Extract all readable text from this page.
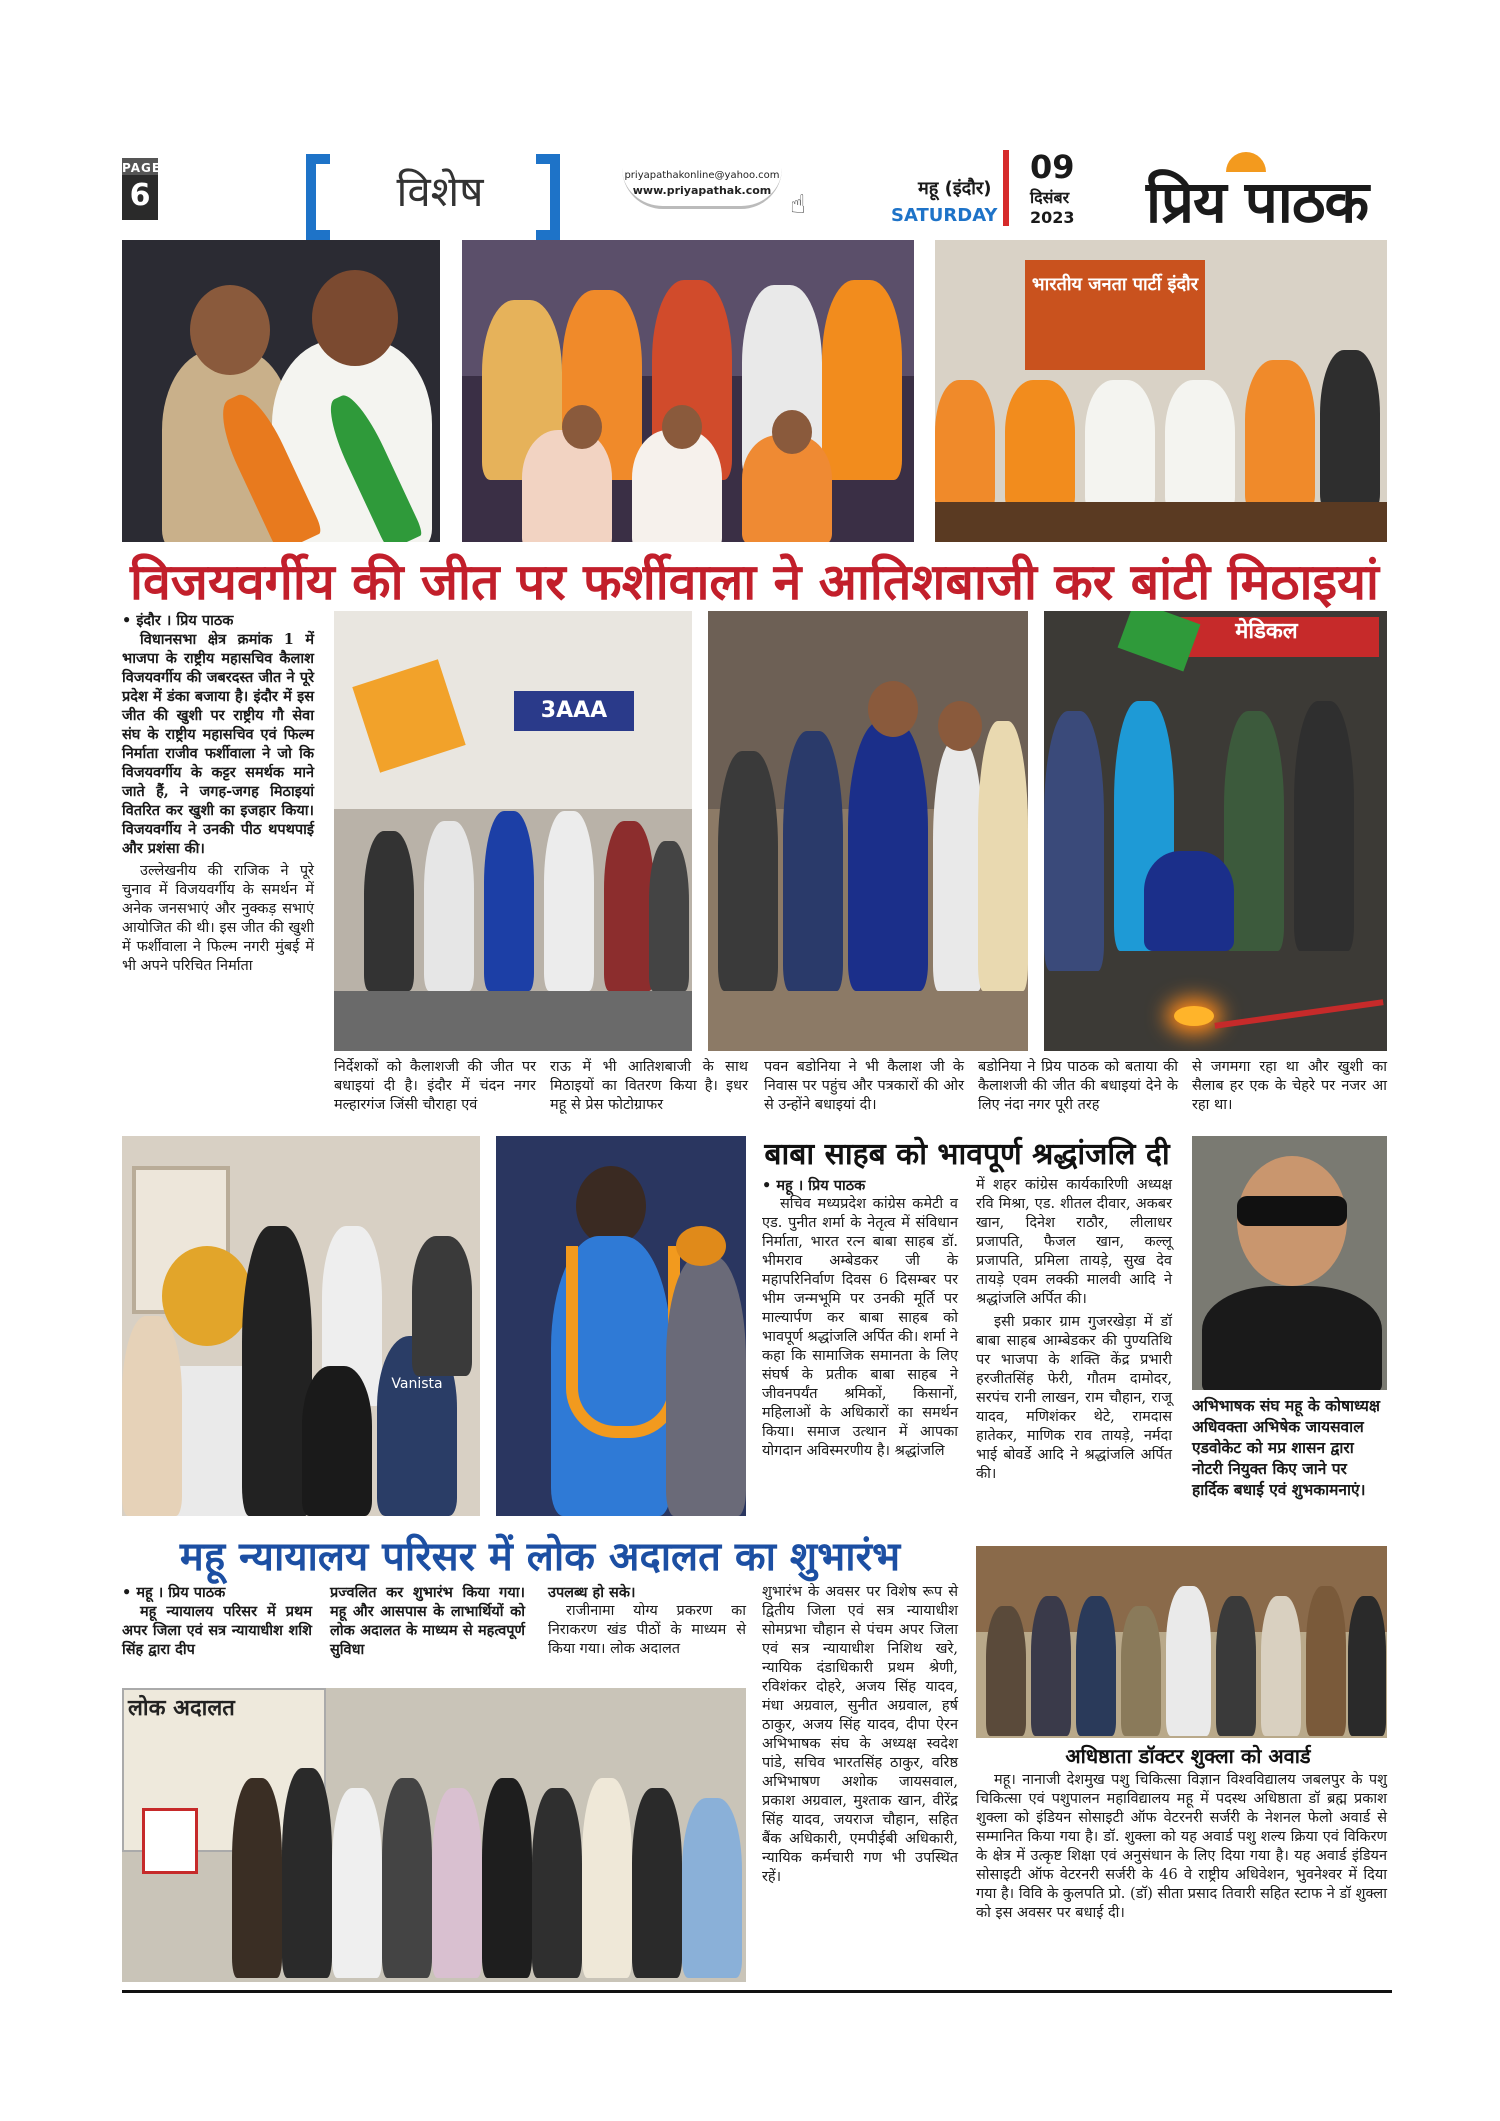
PAGE
6	विशेष	priyapathakonline@yahoo.com
www.priyapathak.com ☝
महू (इंदौर)
SATURDAY
09
दिसंबर
2023 प्रिय पाठक
भारतीय जनता पार्टी इंदौर
विजयवर्गीय की जीत पर फर्शीवाला ने आतिशबाजी कर बांटी मिठाइयां
• इंदौर । प्रिय पाठक
विधानसभा क्षेत्र क्रमांक 1 में भाजपा के राष्ट्रीय महासचिव कैलाश विजयवर्गीय की जबरदस्त जीत ने पूरे प्रदेश में डंका बजाया है। इंदौर में इस जीत की खुशी पर राष्ट्रीय गौ सेवा संघ के राष्ट्रीय महासचिव एवं फिल्म निर्माता राजीव फर्शीवाला ने जो कि विजयवर्गीय के कट्टर समर्थक माने जाते हैं, ने जगह-जगह मिठाइयां वितरित कर खुशी का इजहार किया। विजयवर्गीय ने उनकी पीठ थपथपाई और प्रशंसा की।
उल्लेखनीय की राजिक ने पूरे चुनाव में विजयवर्गीय के समर्थन में अनेक जनसभाएं और नुक्कड़ सभाएं आयोजित की थी। इस जीत की खुशी में फर्शीवाला ने फिल्म नगरी मुंबई में भी अपने परिचित निर्माता
3AAA
मेडिकल
निर्देशकों को कैलाशजी की जीत पर बधाइयां दी है। इंदौर में चंदन नगर मल्हारगंज जिंसी चौराहा एवं
राऊ में भी आतिशबाजी के साथ मिठाइयों का वितरण किया है। इधर महू से प्रेस फोटोग्राफर
पवन बडोनिया ने भी कैलाश जी के निवास पर पहुंच और पत्रकारों की ओर से उन्होंने बधाइयां दी।
बडोनिया ने प्रिय पाठक को बताया की कैलाशजी की जीत की बधाइयां देने के लिए नंदा नगर पूरी तरह
से जगमगा रहा था और खुशी का सैलाब हर एक के चेहरे पर नजर आ रहा था।
Vanista
बाबा साहब को भावपूर्ण श्रद्धांजलि दी
• महू । प्रिय पाठक
सचिव मध्यप्रदेश कांग्रेस कमेटी व एड. पुनीत शर्मा के नेतृत्व में संविधान निर्माता, भारत रत्न बाबा साहब डॉ. भीमराव अम्बेडकर जी के महापरिनिर्वाण दिवस 6 दिसम्बर पर भीम जन्मभूमि पर उनकी मूर्ति पर माल्यार्पण कर बाबा साहब को भावपूर्ण श्रद्धांजलि अर्पित की। शर्मा ने कहा कि सामाजिक समानता के लिए संघर्ष के प्रतीक बाबा साहब ने जीवनपर्यंत श्रमिकों, किसानों, महिलाओं के अधिकारों का समर्थन किया। समाज उत्थान में आपका योगदान अविस्मरणीय है। श्रद्धांजलि
में शहर कांग्रेस कार्यकारिणी अध्यक्ष रवि मिश्रा, एड. शीतल दीवार, अकबर खान, दिनेश राठौर, लीलाधर प्रजापति, फैजल खान, कल्लू प्रजापति, प्रमिला तायड़े, सुख देव तायड़े एवम लक्की मालवी आदि ने श्रद्धांजलि अर्पित की।
इसी प्रकार ग्राम गुजरखेड़ा में डॉ बाबा साहब आम्बेडकर की पुण्यतिथि पर भाजपा के शक्ति केंद्र प्रभारी हरजीतसिंह फेरी, गौतम दामोदर, सरपंच रानी लाखन, राम चौहान, राजू यादव, मणिशंकर थेटे, रामदास हातेकर, माणिक राव तायड़े, नर्मदा भाई बोवर्डे आदि ने श्रद्धांजलि अर्पित की।
अभिभाषक संघ महू के कोषाध्यक्ष अधिवक्ता अभिषेक जायसवाल एडवोकेट को मप्र शासन द्वारा नोटरी नियुक्त किए जाने पर हार्दिक बधाई एवं शुभकामनाएं।
महू न्यायालय परिसर में लोक अदालत का शुभारंभ
• महू । प्रिय पाठक
महू न्यायालय परिसर में प्रथम अपर जिला एवं सत्र न्यायाधीश शशि सिंह द्वारा दीप
प्रज्वलित कर शुभारंभ किया गया। महू और आसपास के लाभार्थियों को लोक अदालत के माध्यम से महत्वपूर्ण सुविधा
उपलब्ध हो सके।
राजीनामा योग्य प्रकरण का निराकरण खंड पीठों के माध्यम से किया गया। लोक अदालत
लोक अदालत
शुभारंभ के अवसर पर विशेष रूप से द्वितीय जिला एवं सत्र न्यायाधीश सोमप्रभा चौहान से पंचम अपर जिला एवं सत्र न्यायाधीश निशिथ खरे, न्यायिक दंडाधिकारी प्रथम श्रेणी, रविशंकर दोहरे, अजय सिंह यादव, मंधा अग्रवाल, सुनीत अग्रवाल, हर्ष ठाकुर, अजय सिंह यादव, दीपा ऐरन अभिभाषक संघ के अध्यक्ष स्वदेश पांडे, सचिव भारतसिंह ठाकुर, वरिष्ठ अभिभाषण अशोक जायसवाल, प्रकाश अग्रवाल, मुश्ताक खान, वीरेंद्र सिंह यादव, जयराज चौहान, सहित बैंक अधिकारी, एमपीईबी अधिकारी, न्यायिक कर्मचारी गण भी उपस्थित रहें।
अधिष्ठाता डॉक्टर शुक्ला को अवार्ड
महू। नानाजी देशमुख पशु चिकित्सा विज्ञान विश्वविद्यालय जबलपुर के पशु चिकित्सा एवं पशुपालन महाविद्यालय महू में पदस्थ अधिष्ठाता डॉ ब्रह्म प्रकाश शुक्ला को इंडियन सोसाइटी ऑफ वेटरनरी सर्जरी के नेशनल फेलो अवार्ड से सम्मानित किया गया है। डॉ. शुक्ला को यह अवार्ड पशु शल्य क्रिया एवं विकिरण के क्षेत्र में उत्कृष्ट शिक्षा एवं अनुसंधान के लिए दिया गया है। यह अवार्ड इंडियन सोसाइटी ऑफ वेटरनरी सर्जरी के 46 वे राष्ट्रीय अधिवेशन, भुवनेश्वर में दिया गया है। विवि के कुलपति प्रो. (डॉ) सीता प्रसाद तिवारी सहित स्टाफ ने डॉ शुक्ला को इस अवसर पर बधाई दी।
